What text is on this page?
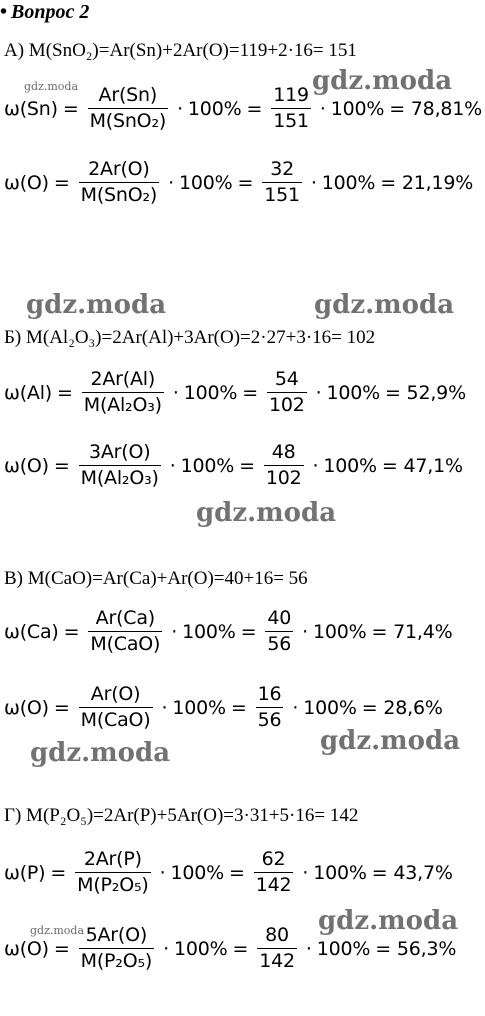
• Вопрос 2
А) M(SnO₂)=Ar(Sn)+2Ar(O)=119+2·16= 151
$\omega(Sn) = \frac{Ar(Sn)}{\text{M(SnO₂)}} \cdot 100\% = \frac{119}{151} \cdot 100\% = 78,81\%$
$\omega(O) = \frac{2Ar(O)}{\text{M(SnO₂)}} \cdot 100\% = \frac{32}{151} \cdot 100\% = 21,19\%$
Б) M(Al₂O₃)=2Ar(Al)+3Ar(O)=2·27+3·16= 102
$\omega(Al) = \frac{2Ar(Al)}{\text{M(Al₂O₃)}} \cdot 100\% = \frac{54}{102} \cdot 100\% = 52,9\%$
$\omega(O) = \frac{3Ar(O)}{\text{M(Al₂O₃)}} \cdot 100\% = \frac{48}{102} \cdot 100\% = 47,1\%$
В) M(CaO)=Ar(Ca)+Ar(O)=40+16= 56
$\omega(Ca) = \frac{Ar(Ca)}{\text{M(CaO)}} \cdot 100\% = \frac{40}{56} \cdot 100\% = 71,4\%$
$\omega(O) = \frac{Ar(O)}{\text{M(CaO)}} \cdot 100\% = \frac{16}{56} \cdot 100\% = 28,6\%$
Г) M(P₂O₅)=2Ar(P)+5Ar(O)=3·31+5·16= 142
$\omega(P) = \frac{2Ar(P)}{\text{M(P₂O₅)}} \cdot 100\% = \frac{62}{142} \cdot 100\% = 43,7\%$
$\omega(O) = \frac{5Ar(O)}{\text{M(P₂O₅)}} \cdot 100\% = \frac{80}{142} \cdot 100\% = 56,3\%$
gdz.moda	gdz.moda
gdz.moda	gdz.moda
gdz.moda
gdz.moda	gdz.moda
gdz.moda	gdz.moda
